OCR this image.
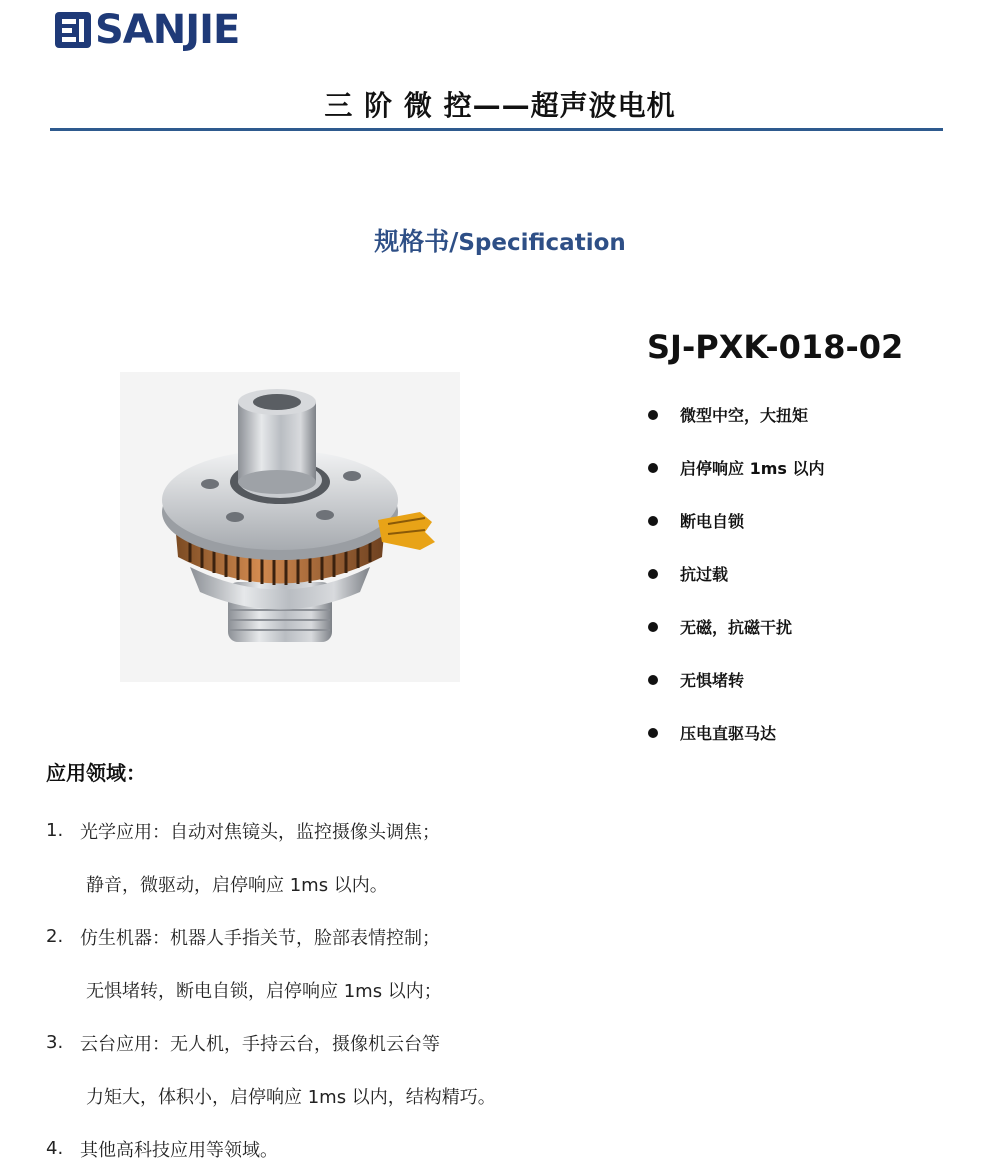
SANJIE
三 阶 微 控——超声波电机
规格书/Specification
SJ-PXK-018-02
微型中空，大扭矩
启停响应 1ms 以内
断电自锁
抗过载
无磁，抗磁干扰
无惧堵转
压电直驱马达
应用领域：
1. 光学应用：自动对焦镜头，监控摄像头调焦；
静音，微驱动，启停响应 1ms 以内。
2. 仿生机器：机器人手指关节，脸部表情控制；
无惧堵转，断电自锁，启停响应 1ms 以内；
3. 云台应用：无人机，手持云台，摄像机云台等
力矩大，体积小，启停响应 1ms 以内，结构精巧。
4. 其他高科技应用等领域。
